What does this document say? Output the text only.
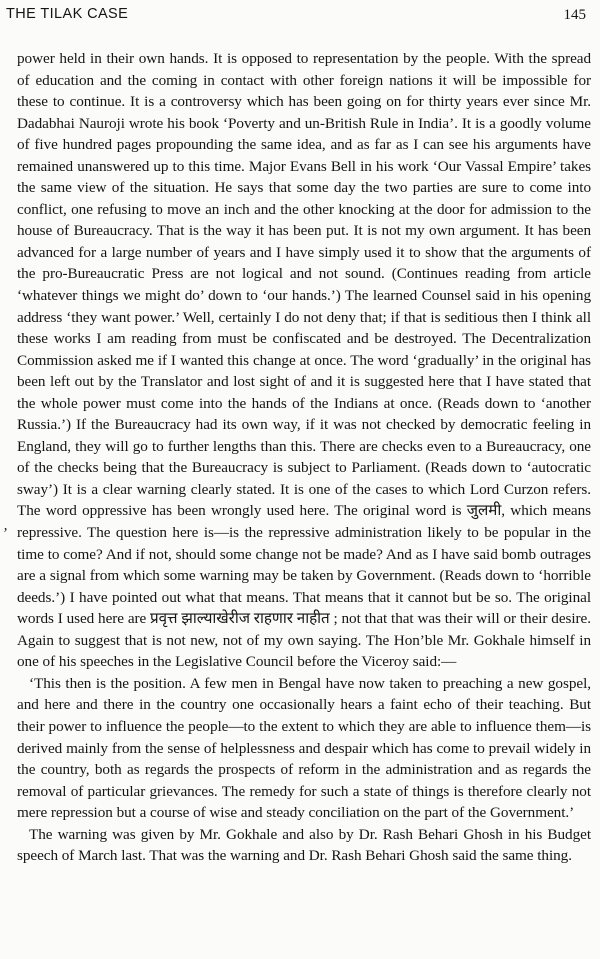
THE TILAK CASE	145
ʼ

power held in their own hands. It is opposed to representation by the people. With the spread of education and the coming in contact with other foreign nations it will be impossible for these to continue. It is a controversy which has been going on for thirty years ever since Mr. Dadabhai Nauroji wrote his book ‘Poverty and un-British Rule in India’. It is a goodly volume of five hundred pages propounding the same idea, and as far as I can see his arguments have remained unanswered up to this time. Major Evans Bell in his work ‘Our Vassal Empire’ takes the same view of the situation. He says that some day the two parties are sure to come into conflict, one refusing to move an inch and the other knocking at the door for admission to the house of Bureaucracy. That is the way it has been put. It is not my own argument. It has been advanced for a large number of years and I have simply used it to show that the arguments of the pro-Bureaucratic Press are not logical and not sound. (Continues reading from article ‘whatever things we might do’ down to ‘our hands.’) The learned Counsel said in his opening address ‘they want power.’ Well, certainly I do not deny that; if that is seditious then I think all these works I am reading from must be confiscated and be destroyed. The Decentralization Commission asked me if I wanted this change at once. The word ‘gradually’ in the original has been left out by the Translator and lost sight of and it is suggested here that I have stated that the whole power must come into the hands of the Indians at once. (Reads down to ‘another Russia.’) If the Bureaucracy had its own way, if it was not checked by democratic feeling in England, they will go to further lengths than this. There are checks even to a Bureaucracy, one of the checks being that the Bureaucracy is subject to Parliament. (Reads down to ‘autocratic sway’) It is a clear warning clearly stated. It is one of the cases to which Lord Curzon refers. The word oppressive has been wrongly used here. The original word is जुलमी, which means repressive. The question here is—is the repressive administration likely to be popular in the time to come? And if not, should some change not be made? And as I have said bomb outrages are a signal from which some warning may be taken by Government. (Reads down to ‘horrible deeds.’) I have pointed out what that means. That means that it cannot but be so. The original words I used here are प्रवृत्त झाल्याखेरीज राहणार नाहीत ; not that that was their will or their desire. Again to suggest that is not new, not of my own saying. The Hon’ble Mr. Gokhale himself in one of his speeches in the Legislative Council before the Viceroy said:—

‘This then is the position. A few men in Bengal have now taken to preaching a new gospel, and here and there in the country one occasionally hears a faint echo of their teaching. But their power to influence the people—to the extent to which they are able to influence them—is derived mainly from the sense of helplessness and despair which has come to prevail widely in the country, both as regards the prospects of reform in the administration and as regards the removal of particular grievances. The remedy for such a state of things is therefore clearly not mere repression but a course of wise and steady conciliation on the part of the Government.’

The warning was given by Mr. Gokhale and also by Dr. Rash Behari Ghosh in his Budget speech of March last. That was the warning and Dr. Rash Behari Ghosh said the same thing.
